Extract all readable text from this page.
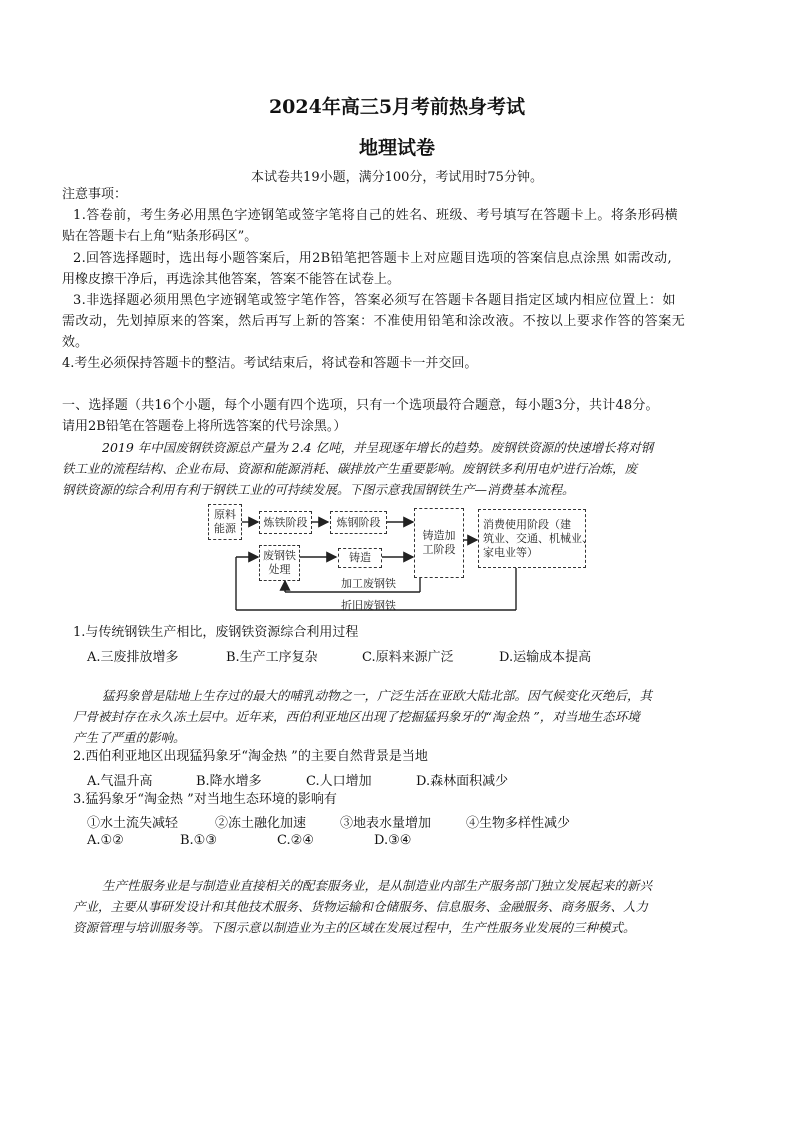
2024年高三5月考前热身考试
地理试卷
本试卷共19小题，满分100分，考试用时75分钟。
注意事项：
1.答卷前，考生务必用黑色字迹钢笔或签字笔将自己的姓名、班级、考号填写在答题卡上。将条形码横
贴在答题卡右上角“贴条形码区”。
2.回答选择题时，选出每小题答案后，用2B铅笔把答题卡上对应题目选项的答案信息点涂黑 如需改动,
用橡皮擦干净后，再选涂其他答案，答案不能答在试卷上。
3.非选择题必须用黑色字迹钢笔或签字笔作答，答案必须写在答题卡各题目指定区域内相应位置上：如
需改动，先划掉原来的答案，然后再写上新的答案：不准使用铅笔和涂改液。不按以上要求作答的答案无
效。
4.考生必须保持答题卡的整洁。考试结束后，将试卷和答题卡一并交回。
一、选择题（共16个小题，每个小题有四个选项，只有一个选项最符合题意，每小题3分，共计48分。
请用2B铅笔在答题卷上将所选答案的代号涂黑。）
2019 年中国废钢铁资源总产量为 2.4 亿吨，并呈现逐年增长的趋势。废钢铁资源的快速增长将对钢
铁工业的流程结构、企业布局、资源和能源消耗、碳排放产生重要影响。废钢铁多利用电炉进行冶炼，废
钢铁资源的综合利用有利于钢铁工业的可持续发展。下图示意我国钢铁生产—消费基本流程。
原料
能源	炼铁阶段	炼钢阶段
铸造加
工阶段
消费使用阶段（建
筑业、交通、机械业、
家电业等）
废钢铁
处理
铸造
加工废钢铁
折旧废钢铁
1.与传统钢铁生产相比，废钢铁资源综合利用过程
A.三废排放增多	B.生产工序复杂	C.原料来源广泛	D.运输成本提高
猛犸象曾是陆地上生存过的最大的哺乳动物之一，广泛生活在亚欧大陆北部。因气候变化灭绝后，其
尸骨被封存在永久冻土层中。近年来，西伯利亚地区出现了挖掘猛犸象牙的“淘金热 ”，对当地生态环境
产生了严重的影响。
2.西伯利亚地区出现猛犸象牙“淘金热 ”的主要自然背景是当地
A.气温升高	B.降水增多	C.人口增加	D.森林面积减少
3.猛犸象牙“淘金热 ”对当地生态环境的影响有
①水土流失减轻	②冻土融化加速	③地表水量增加	④生物多样性减少
A.①②	B.①③	C.②④	D.③④
生产性服务业是与制造业直接相关的配套服务业，是从制造业内部生产服务部门独立发展起来的新兴
产业，主要从事研发设计和其他技术服务、货物运输和仓储服务、信息服务、金融服务、商务服务、人力
资源管理与培训服务等。下图示意以制造业为主的区域在发展过程中，生产性服务业发展的三种模式。
